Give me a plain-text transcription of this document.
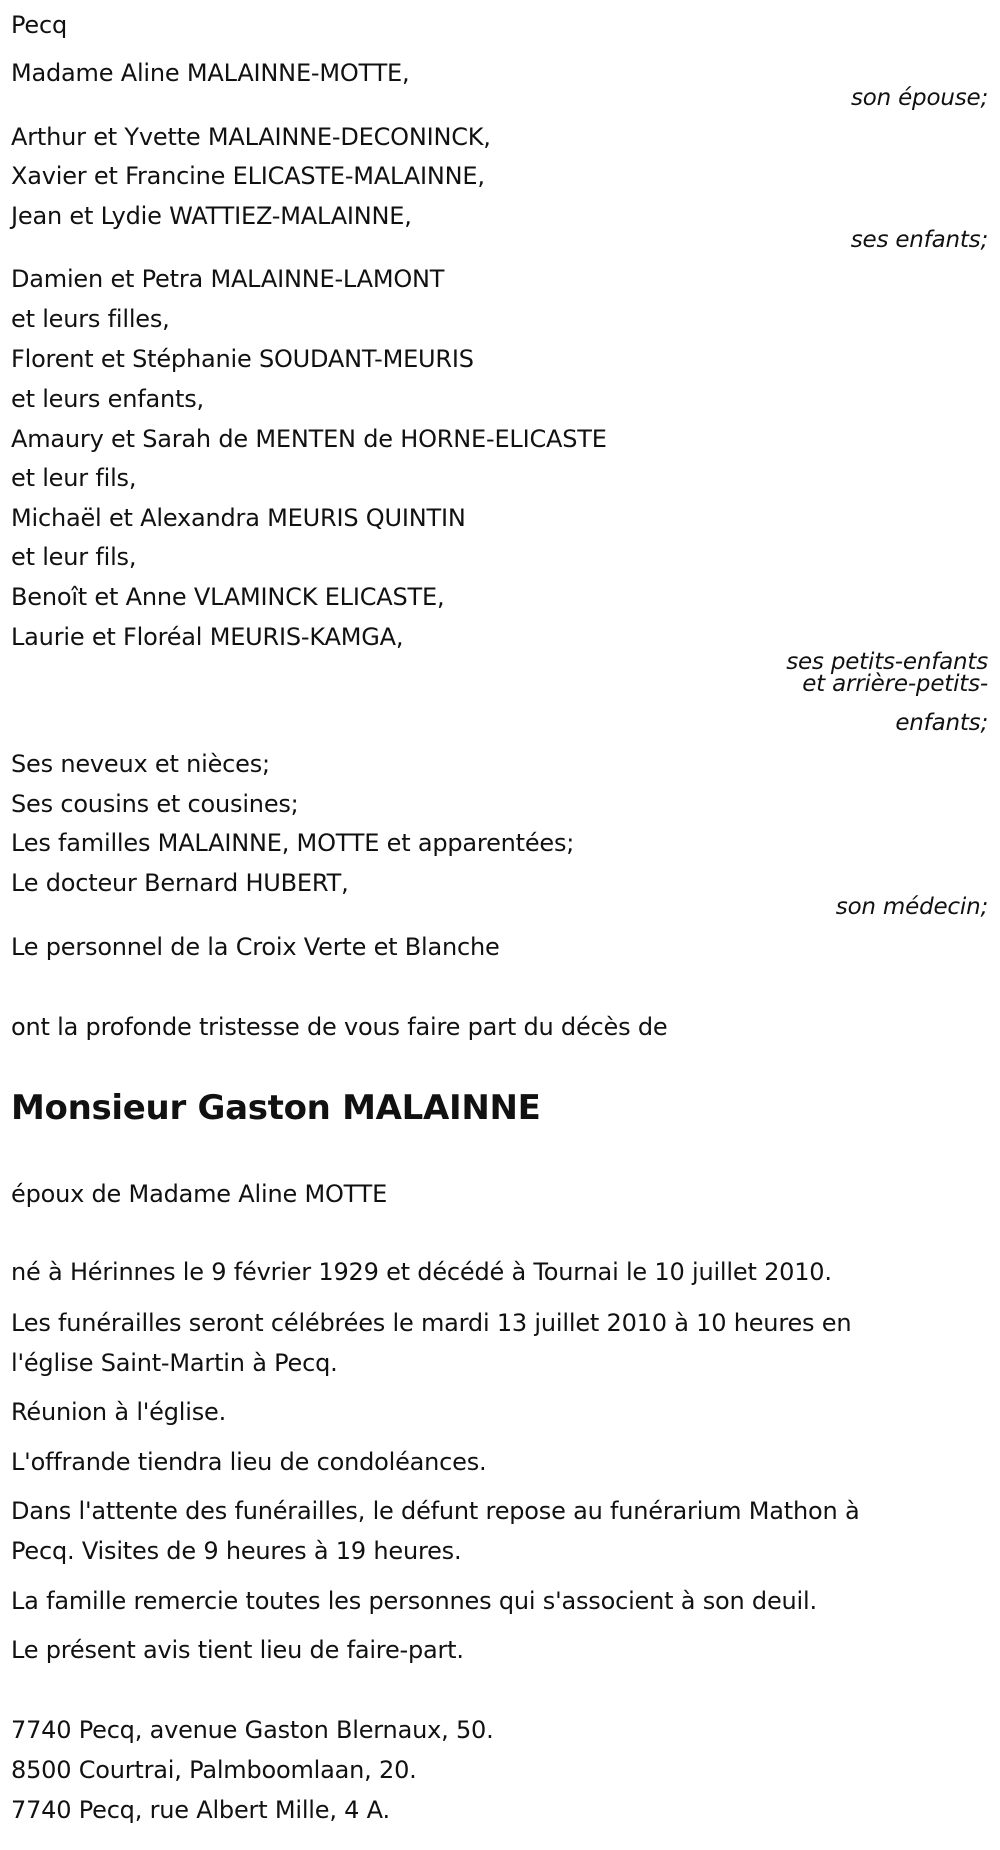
Pecq
Madame Aline MALAINNE-MOTTE,
son épouse;
Arthur et Yvette MALAINNE-DECONINCK,
Xavier et Francine ELICASTE-MALAINNE,
Jean et Lydie WATTIEZ-MALAINNE,
ses enfants;
Damien et Petra MALAINNE-LAMONT
et leurs filles,
Florent et Stéphanie SOUDANT-MEURIS
et leurs enfants,
Amaury et Sarah de MENTEN de HORNE-ELICASTE
et leur fils,
Michaël et Alexandra MEURIS QUINTIN
et leur fils,
Benoît et Anne VLAMINCK ELICASTE,
Laurie et Floréal MEURIS-KAMGA,
ses petits-enfants
et arrière-petits-
enfants;
Ses neveux et nièces;
Ses cousins et cousines;
Les familles MALAINNE, MOTTE et apparentées;
Le docteur Bernard HUBERT,
son médecin;
Le personnel de la Croix Verte et Blanche
ont la profonde tristesse de vous faire part du décès de
Monsieur Gaston MALAINNE
époux de Madame Aline MOTTE
né à Hérinnes le 9 février 1929 et décédé à Tournai le 10 juillet 2010.
Les funérailles seront célébrées le mardi 13 juillet 2010 à 10 heures en
l'église Saint-Martin à Pecq.
Réunion à l'église.
L'offrande tiendra lieu de condoléances.
Dans l'attente des funérailles, le défunt repose au funérarium Mathon à
Pecq. Visites de 9 heures à 19 heures.
La famille remercie toutes les personnes qui s'associent à son deuil.
Le présent avis tient lieu de faire-part.
7740 Pecq, avenue Gaston Blernaux, 50.
8500 Courtrai, Palmboomlaan, 20.
7740 Pecq, rue Albert Mille, 4 A.
